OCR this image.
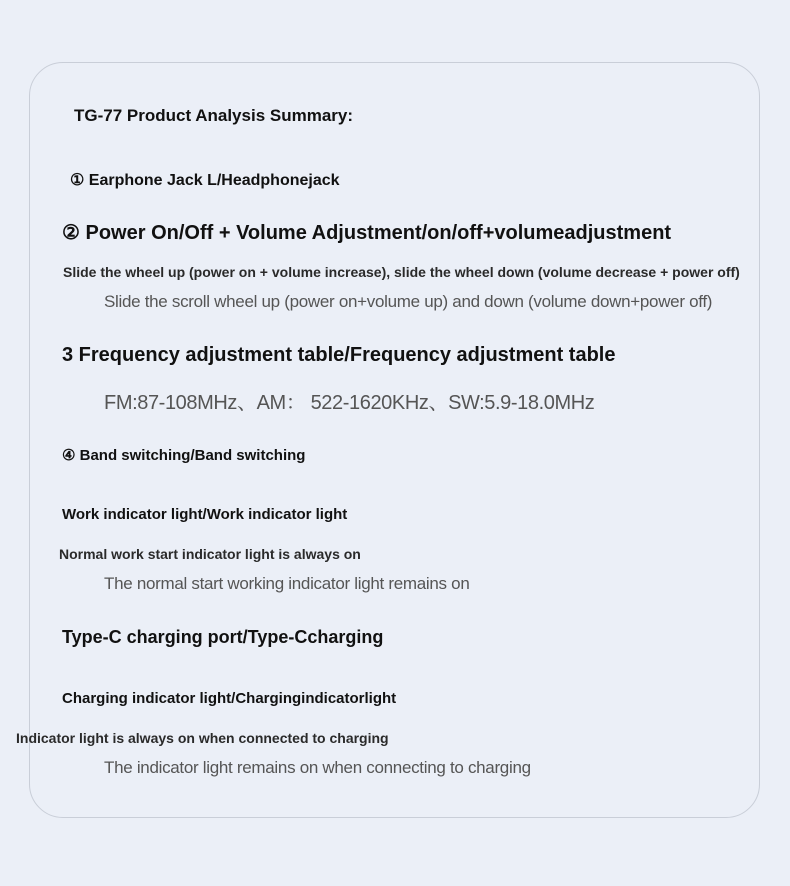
TG-77 Product Analysis Summary:
① Earphone Jack L/Headphonejack
② Power On/Off + Volume Adjustment/on/off+volumeadjustment
Slide the wheel up (power on + volume increase), slide the wheel down (volume decrease + power off)
Slide the scroll wheel up (power on+volume up) and down (volume down+power off)
3 Frequency adjustment table/Frequency adjustment table
FM:87-108MHz、AM： 522-1620KHz、SW:5.9-18.0MHz
④ Band switching/Band switching
Work indicator light/Work indicator light
Normal work start indicator light is always on
The normal start working indicator light remains on
Type-C charging port/Type-Ccharging
Charging indicator light/Chargingindicatorlight
Indicator light is always on when connected to charging
The indicator light remains on when connecting to charging
